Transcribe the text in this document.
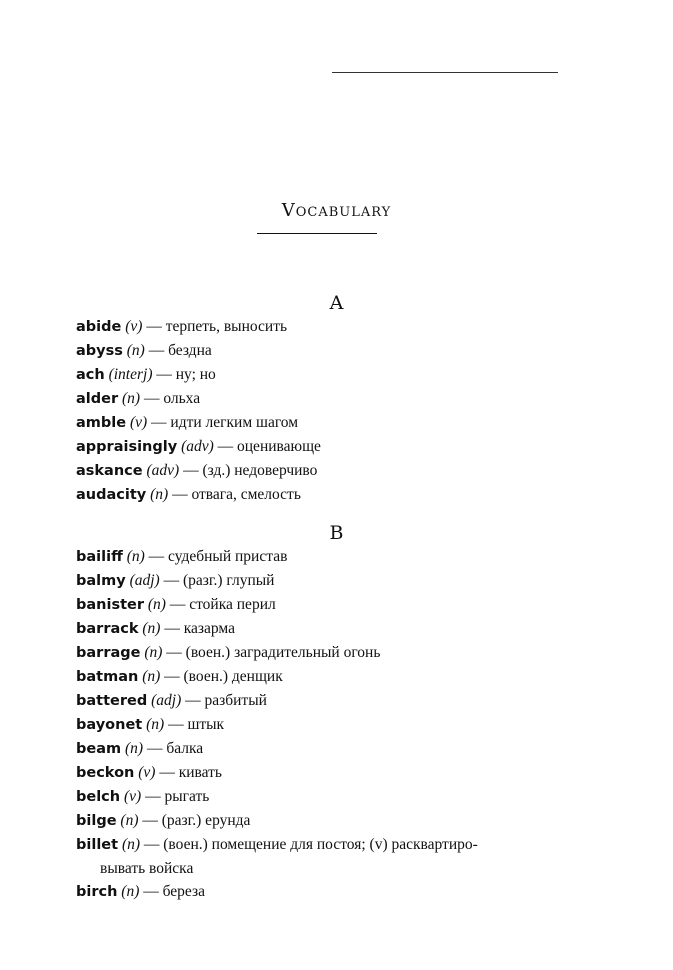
Vocabulary
A
abide (v) — терпеть, выносить
abyss (n) — бездна
ach (interj) — ну; но
alder (n) — ольха
amble (v) — идти легким шагом
appraisingly (adv) — оценивающе
askance (adv) — (зд.) недоверчиво
audacity (n) — отвага, смелость
B
bailiff (n) — судебный пристав
balmy (adj) — (разг.) глупый
banister (n) — стойка перил
barrack (n) — казарма
barrage (n) — (воен.) заградительный огонь
batman (n) — (воен.) денщик
battered (adj) — разбитый
bayonet (n) — штык
beam (n) — балка
beckon (v) — кивать
belch (v) — рыгать
bilge (n) — (разг.) ерунда
billet (n) — (воен.) помещение для постоя; (v) расквартиро-
вывать войска
birch (n) — береза
